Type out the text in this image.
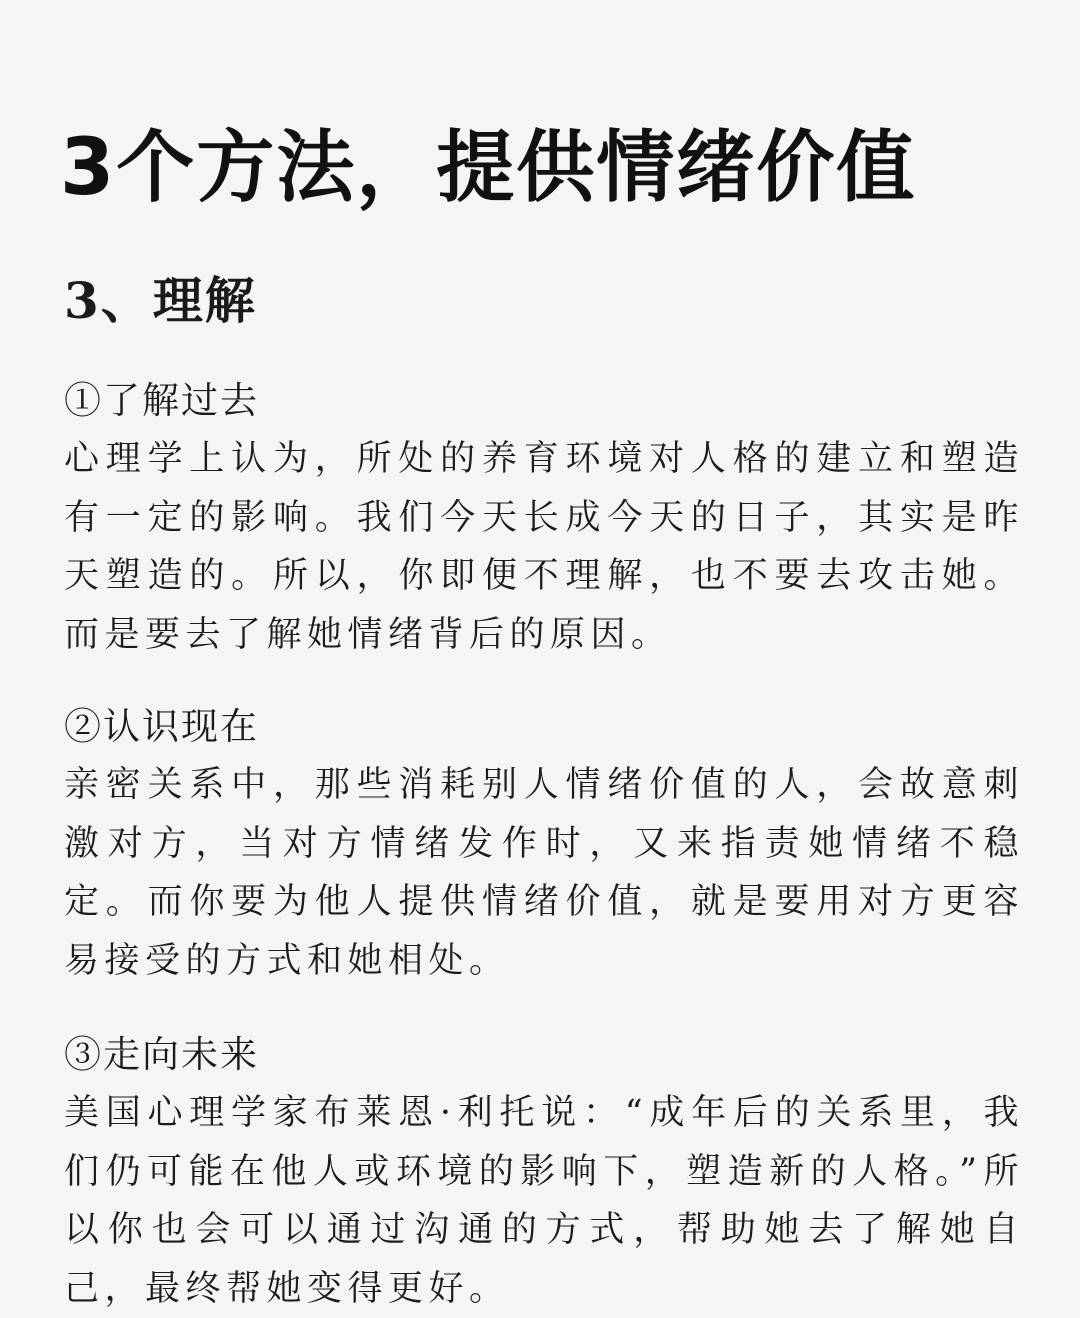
3个方法，提供情绪价值
3、理解
①了解过去

心理学上认为，所处的养育环境对人格的建立和塑造有一定的影响。我们今天长成今天的日子，其实是昨天塑造的。所以，你即便不理解，也不要去攻击她。而是要去了解她情绪背后的原因。

②认识现在

亲密关系中，那些消耗别人情绪价值的人，会故意刺激对方，当对方情绪发作时，又来指责她情绪不稳定。而你要为他人提供情绪价值，就是要用对方更容易接受的方式和她相处。

③走向未来

美国心理学家布莱恩·利托说：“成年后的关系里，我们仍可能在他人或环境的影响下，塑造新的人格。”所以你也会可以通过沟通的方式，帮助她去了解她自己，最终帮她变得更好。
